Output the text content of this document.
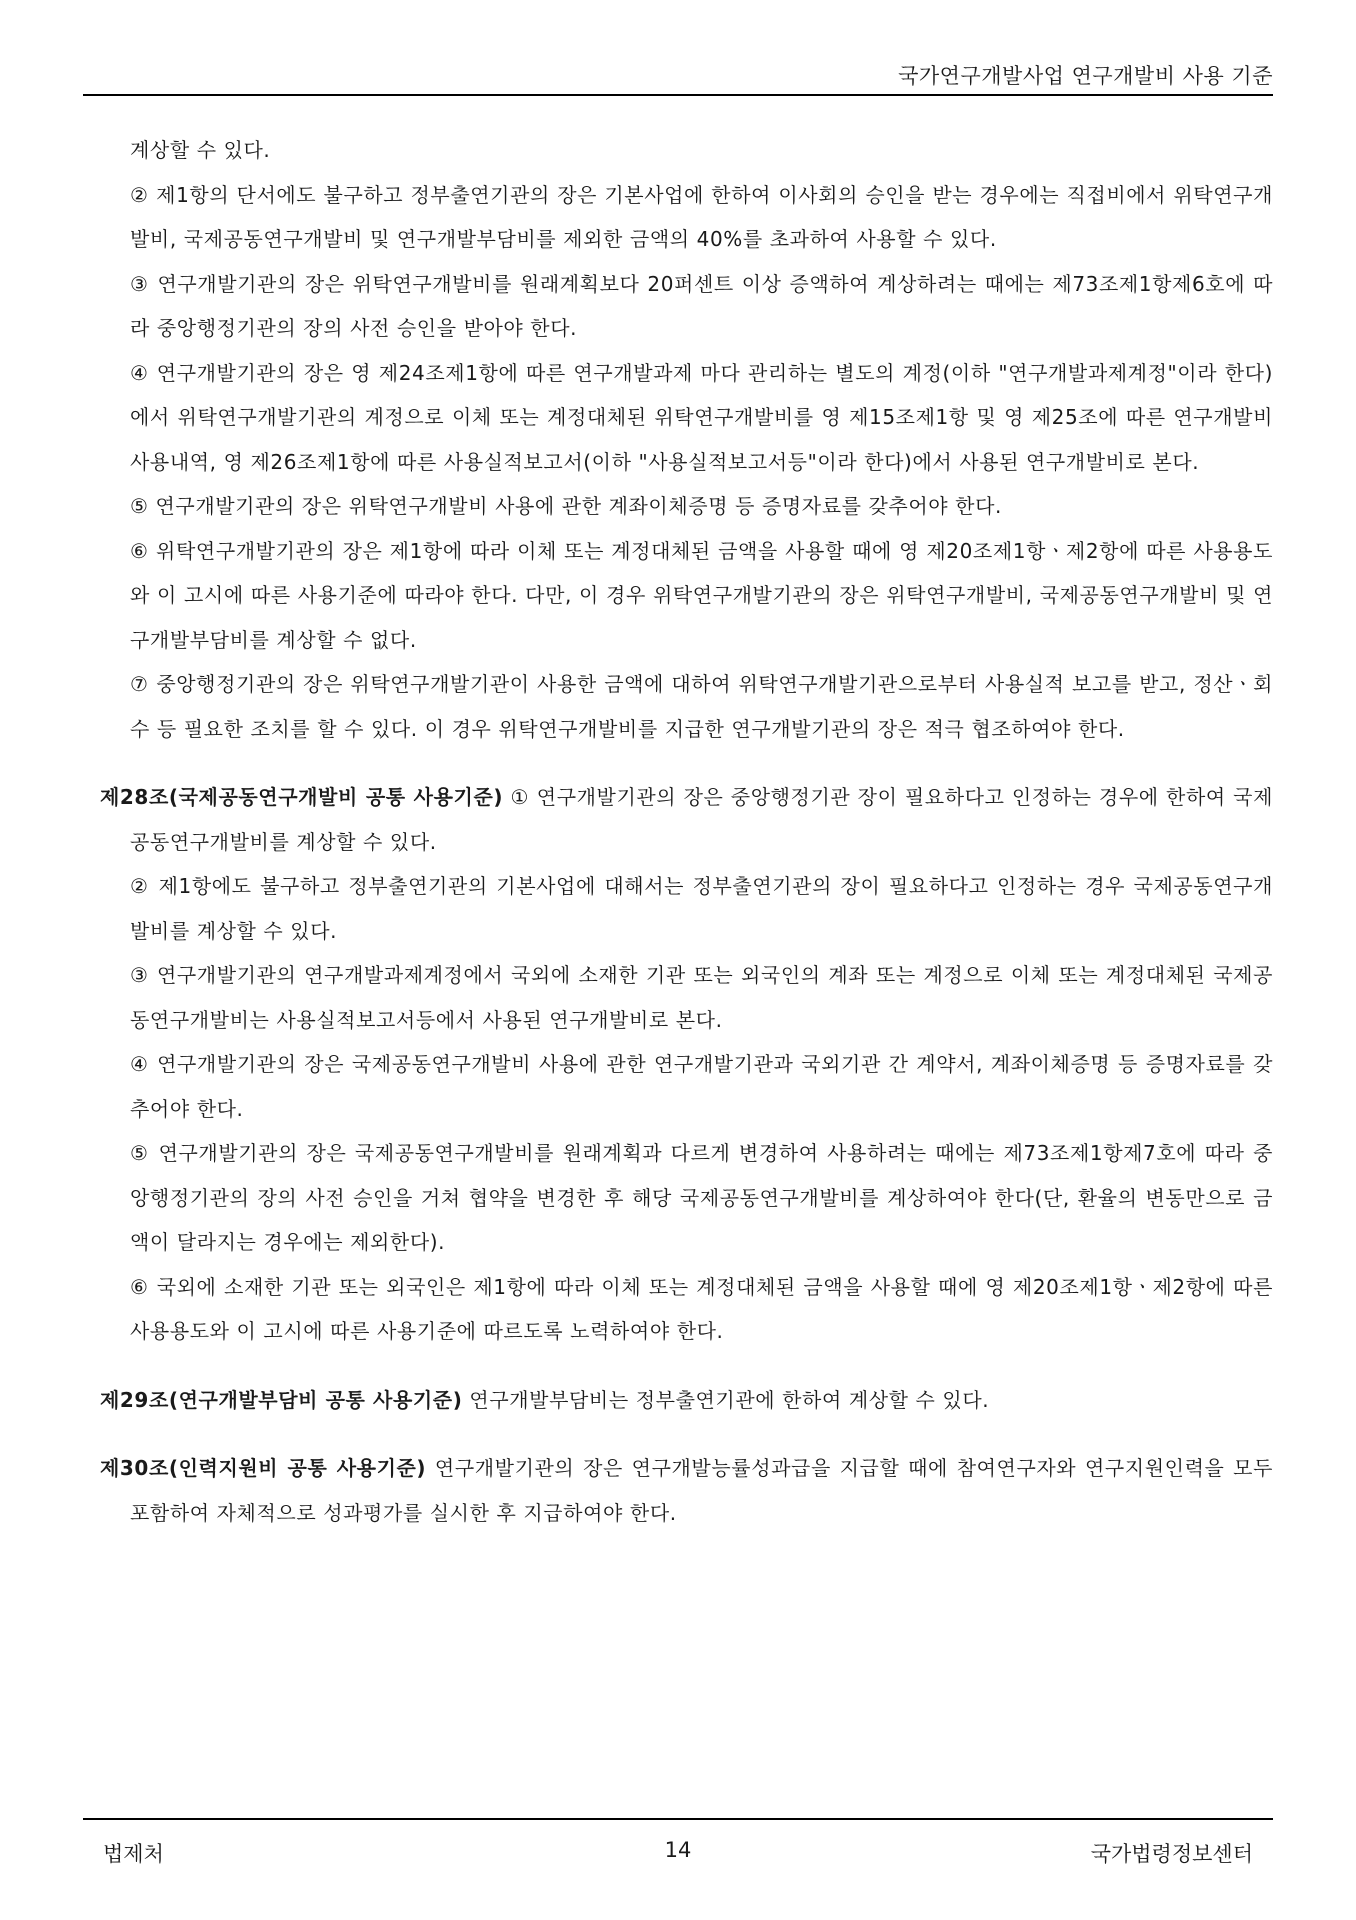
국가연구개발사업 연구개발비 사용 기준

계상할 수 있다.

② 제1항의 단서에도 불구하고 정부출연기관의 장은 기본사업에 한하여 이사회의 승인을 받는 경우에는 직접비에서 위탁연구개발비, 국제공동연구개발비 및 연구개발부담비를 제외한 금액의 40%를 초과하여 사용할 수 있다.

③ 연구개발기관의 장은 위탁연구개발비를 원래계획보다 20퍼센트 이상 증액하여 계상하려는 때에는 제73조제1항제6호에 따라 중앙행정기관의 장의 사전 승인을 받아야 한다.

④ 연구개발기관의 장은 영 제24조제1항에 따른 연구개발과제 마다 관리하는 별도의 계정(이하 "연구개발과제계정"이라 한다)에서 위탁연구개발기관의 계정으로 이체 또는 계정대체된 위탁연구개발비를 영 제15조제1항 및 영 제25조에 따른 연구개발비 사용내역, 영 제26조제1항에 따른 사용실적보고서(이하 "사용실적보고서등"이라 한다)에서 사용된 연구개발비로 본다.

⑤ 연구개발기관의 장은 위탁연구개발비 사용에 관한 계좌이체증명 등 증명자료를 갖추어야 한다.

⑥ 위탁연구개발기관의 장은 제1항에 따라 이체 또는 계정대체된 금액을 사용할 때에 영 제20조제1항ㆍ제2항에 따른 사용용도와 이 고시에 따른 사용기준에 따라야 한다. 다만, 이 경우 위탁연구개발기관의 장은 위탁연구개발비, 국제공동연구개발비 및 연구개발부담비를 계상할 수 없다.

⑦ 중앙행정기관의 장은 위탁연구개발기관이 사용한 금액에 대하여 위탁연구개발기관으로부터 사용실적 보고를 받고, 정산ㆍ회수 등 필요한 조치를 할 수 있다. 이 경우 위탁연구개발비를 지급한 연구개발기관의 장은 적극 협조하여야 한다.

제28조(국제공동연구개발비 공통 사용기준) ① 연구개발기관의 장은 중앙행정기관 장이 필요하다고 인정하는 경우에 한하여 국제공동연구개발비를 계상할 수 있다.

② 제1항에도 불구하고 정부출연기관의 기본사업에 대해서는 정부출연기관의 장이 필요하다고 인정하는 경우 국제공동연구개발비를 계상할 수 있다.

③ 연구개발기관의 연구개발과제계정에서 국외에 소재한 기관 또는 외국인의 계좌 또는 계정으로 이체 또는 계정대체된 국제공동연구개발비는 사용실적보고서등에서 사용된 연구개발비로 본다.

④ 연구개발기관의 장은 국제공동연구개발비 사용에 관한 연구개발기관과 국외기관 간 계약서, 계좌이체증명 등 증명자료를 갖추어야 한다.

⑤ 연구개발기관의 장은 국제공동연구개발비를 원래계획과 다르게 변경하여 사용하려는 때에는 제73조제1항제7호에 따라 중앙행정기관의 장의 사전 승인을 거쳐 협약을 변경한 후 해당 국제공동연구개발비를 계상하여야 한다(단, 환율의 변동만으로 금액이 달라지는 경우에는 제외한다).

⑥ 국외에 소재한 기관 또는 외국인은 제1항에 따라 이체 또는 계정대체된 금액을 사용할 때에 영 제20조제1항ㆍ제2항에 따른 사용용도와 이 고시에 따른 사용기준에 따르도록 노력하여야 한다.

제29조(연구개발부담비 공통 사용기준) 연구개발부담비는 정부출연기관에 한하여 계상할 수 있다.

제30조(인력지원비 공통 사용기준) 연구개발기관의 장은 연구개발능률성과급을 지급할 때에 참여연구자와 연구지원인력을 모두 포함하여 자체적으로 성과평가를 실시한 후 지급하여야 한다.

법제처	14	국가법령정보센터
